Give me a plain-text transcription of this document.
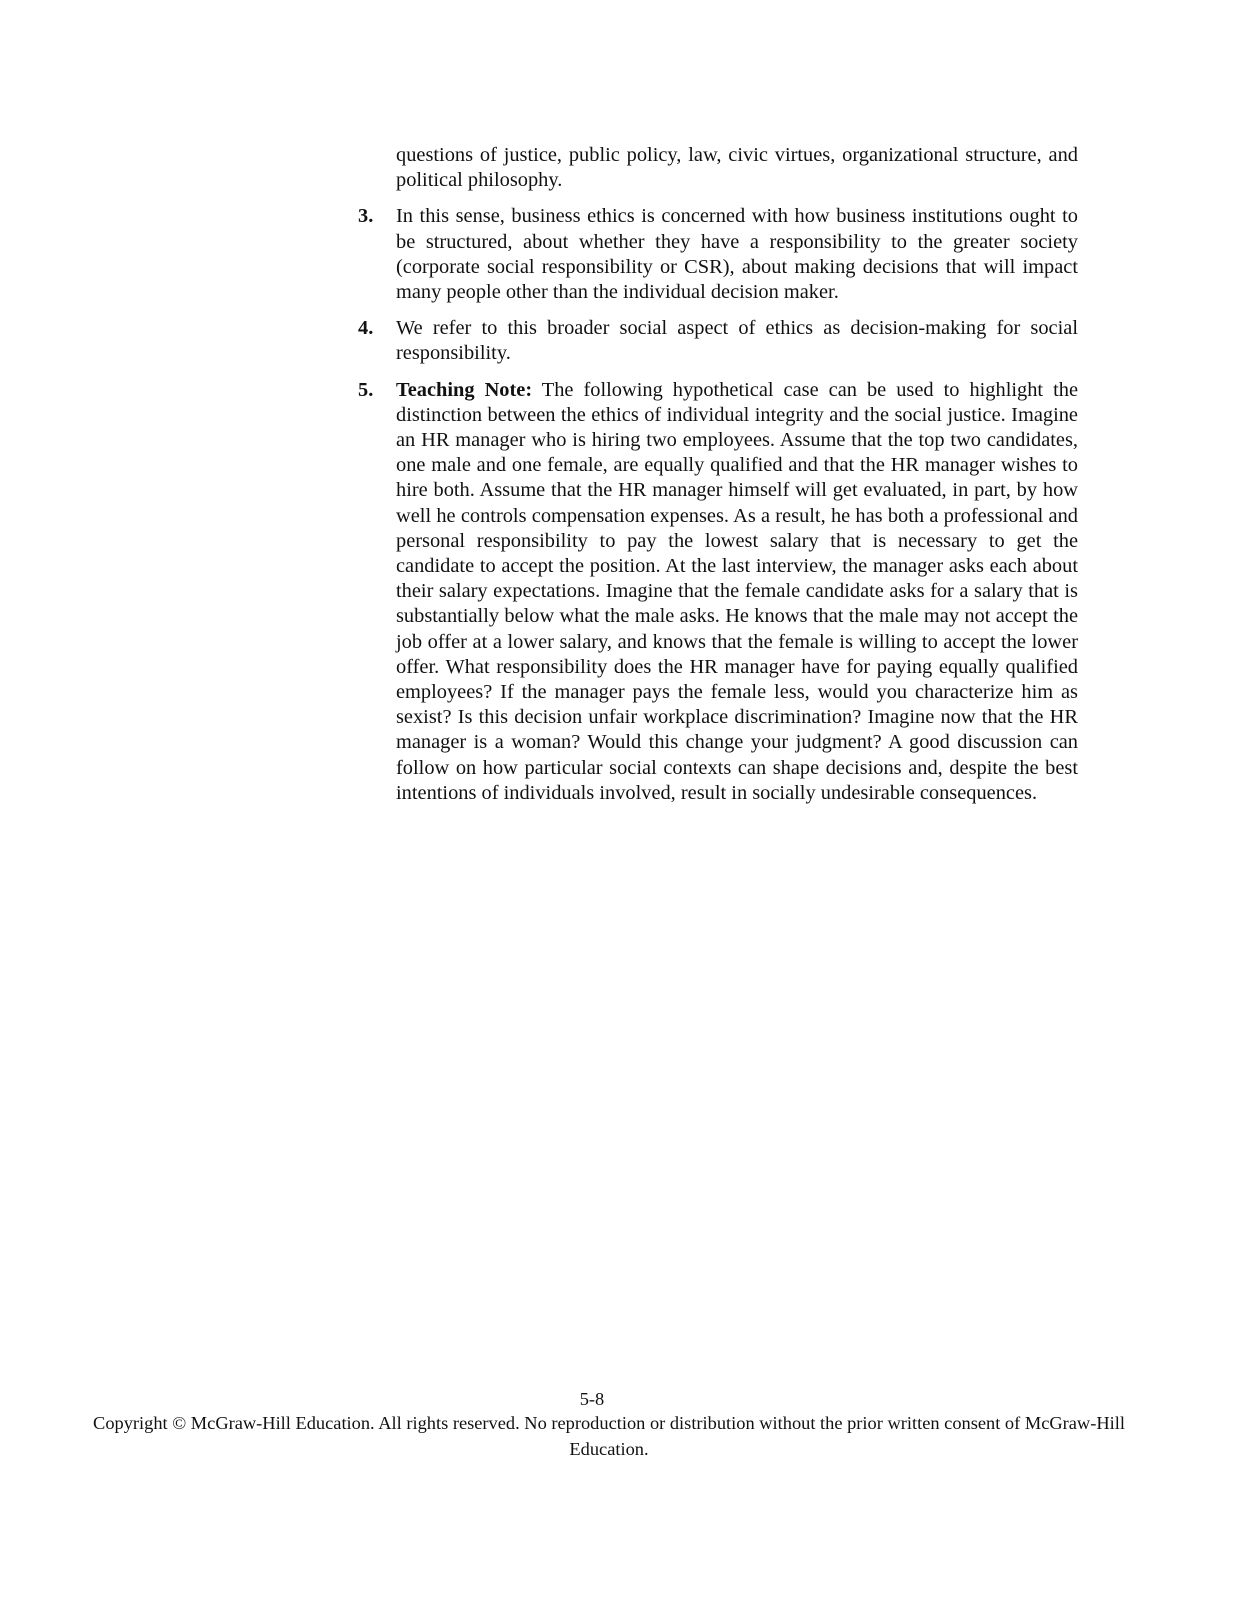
questions of justice, public policy, law, civic virtues, organizational structure, and political philosophy.

3. In this sense, business ethics is concerned with how business institutions ought to be structured, about whether they have a responsibility to the greater society (corporate social responsibility or CSR), about making decisions that will impact many people other than the individual decision maker.

4. We refer to this broader social aspect of ethics as decision-making for social responsibility.

5. Teaching Note: The following hypothetical case can be used to highlight the distinction between the ethics of individual integrity and the social justice. Imagine an HR manager who is hiring two employees. Assume that the top two candidates, one male and one female, are equally qualified and that the HR manager wishes to hire both. Assume that the HR manager himself will get evaluated, in part, by how well he controls compensation expenses. As a result, he has both a professional and personal responsibility to pay the lowest salary that is necessary to get the candidate to accept the position. At the last interview, the manager asks each about their salary expectations. Imagine that the female candidate asks for a salary that is substantially below what the male asks. He knows that the male may not accept the job offer at a lower salary, and knows that the female is willing to accept the lower offer. What responsibility does the HR manager have for paying equally qualified employees? If the manager pays the female less, would you characterize him as sexist? Is this decision unfair workplace discrimination? Imagine now that the HR manager is a woman? Would this change your judgment? A good discussion can follow on how particular social contexts can shape decisions and, despite the best intentions of individuals involved, result in socially undesirable consequences.

5-8
Copyright © McGraw-Hill Education. All rights reserved. No reproduction or distribution without the prior written consent of McGraw-Hill Education.
